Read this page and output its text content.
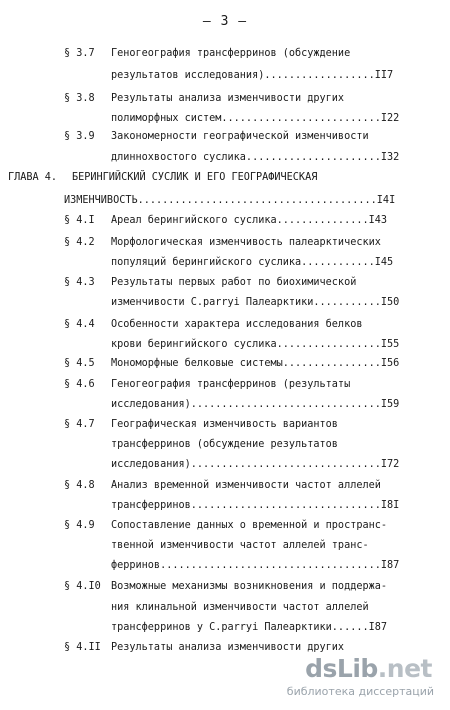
– 3 –
§ 3.7 Геногеография трансферринов (обсуждение
результатов исследования)..................II7
§ 3.8 Результаты анализа изменчивости других
полиморфных систем..........................I22
§ 3.9 Закономерности географической изменчивости
длиннохвостого суслика......................I32
ГЛАВА 4. БЕРИНГИЙСКИЙ СУСЛИК И ЕГО ГЕОГРАФИЧЕСКАЯ
ИЗМЕНЧИВОСТЬ.......................................I4I
§ 4.I Ареал берингийского суслика...............I43
§ 4.2 Морфологическая изменчивость палеарктических
популяций берингийского суслика............I45
§ 4.3 Результаты первых работ по биохимической
изменчивости C.parryi Палеарктики...........I50
§ 4.4 Особенности характера исследования белков
крови берингийского суслика.................I55
§ 4.5 Мономорфные белковые системы................I56
§ 4.6 Геногеография трансферринов (результаты
исследования)...............................I59
§ 4.7 Географическая изменчивость вариантов
трансферринов (обсуждение результатов
исследования)...............................I72
§ 4.8 Анализ временной изменчивости частот аллелей
трансферринов...............................I8I
§ 4.9 Сопоставление данных о временной и пространс-
твенной изменчивости частот аллелей транс-
ферринов....................................I87
§ 4.I0 Возможные механизмы возникновения и поддержа-
ния клинальной изменчивости частот аллелей
трансферринов у C.parryi Палеарктики......I87
§ 4.II Результаты анализа изменчивости других
dsLib.net
библиотека диссертаций
